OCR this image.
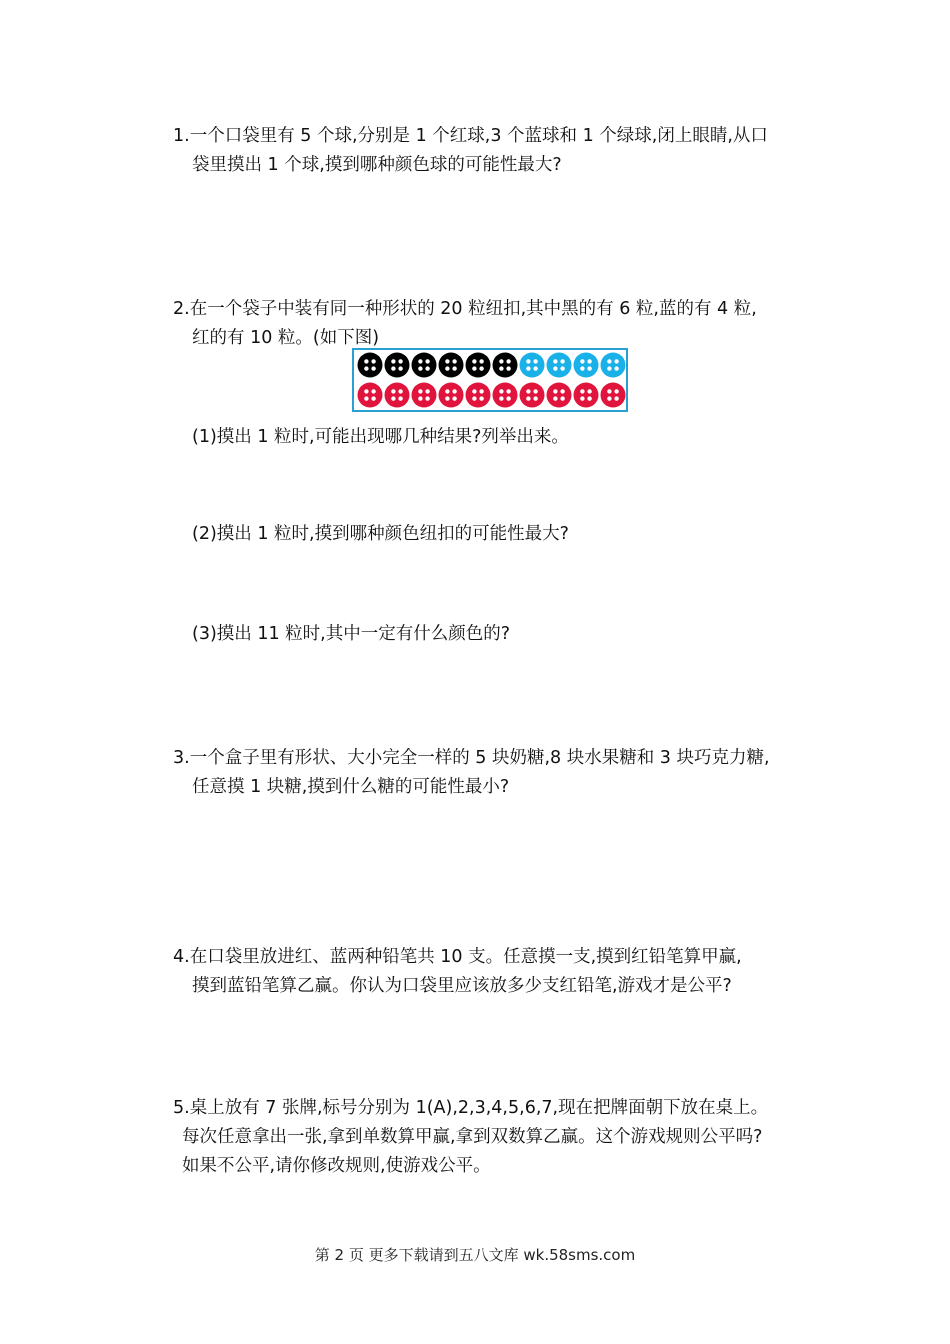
1.一个口袋里有 5 个球,分别是 1 个红球,3 个蓝球和 1 个绿球,闭上眼睛,从口
袋里摸出 1 个球,摸到哪种颜色球的可能性最大?
2.在一个袋子中装有同一种形状的 20 粒纽扣,其中黑的有 6 粒,蓝的有 4 粒,
红的有 10 粒。(如下图)
(1)摸出 1 粒时,可能出现哪几种结果?列举出来。
(2)摸出 1 粒时,摸到哪种颜色纽扣的可能性最大?
(3)摸出 11 粒时,其中一定有什么颜色的?
3.一个盒子里有形状、大小完全一样的 5 块奶糖,8 块水果糖和 3 块巧克力糖,
任意摸 1 块糖,摸到什么糖的可能性最小?
4.在口袋里放进红、蓝两种铅笔共 10 支。任意摸一支,摸到红铅笔算甲赢,
摸到蓝铅笔算乙赢。你认为口袋里应该放多少支红铅笔,游戏才是公平?
5.桌上放有 7 张牌,标号分别为 1(A),2,3,4,5,6,7,现在把牌面朝下放在桌上。
每次任意拿出一张,拿到单数算甲赢,拿到双数算乙赢。这个游戏规则公平吗?
如果不公平,请你修改规则,使游戏公平。
第 2 页 更多下载请到五八文库 wk.58sms.com
